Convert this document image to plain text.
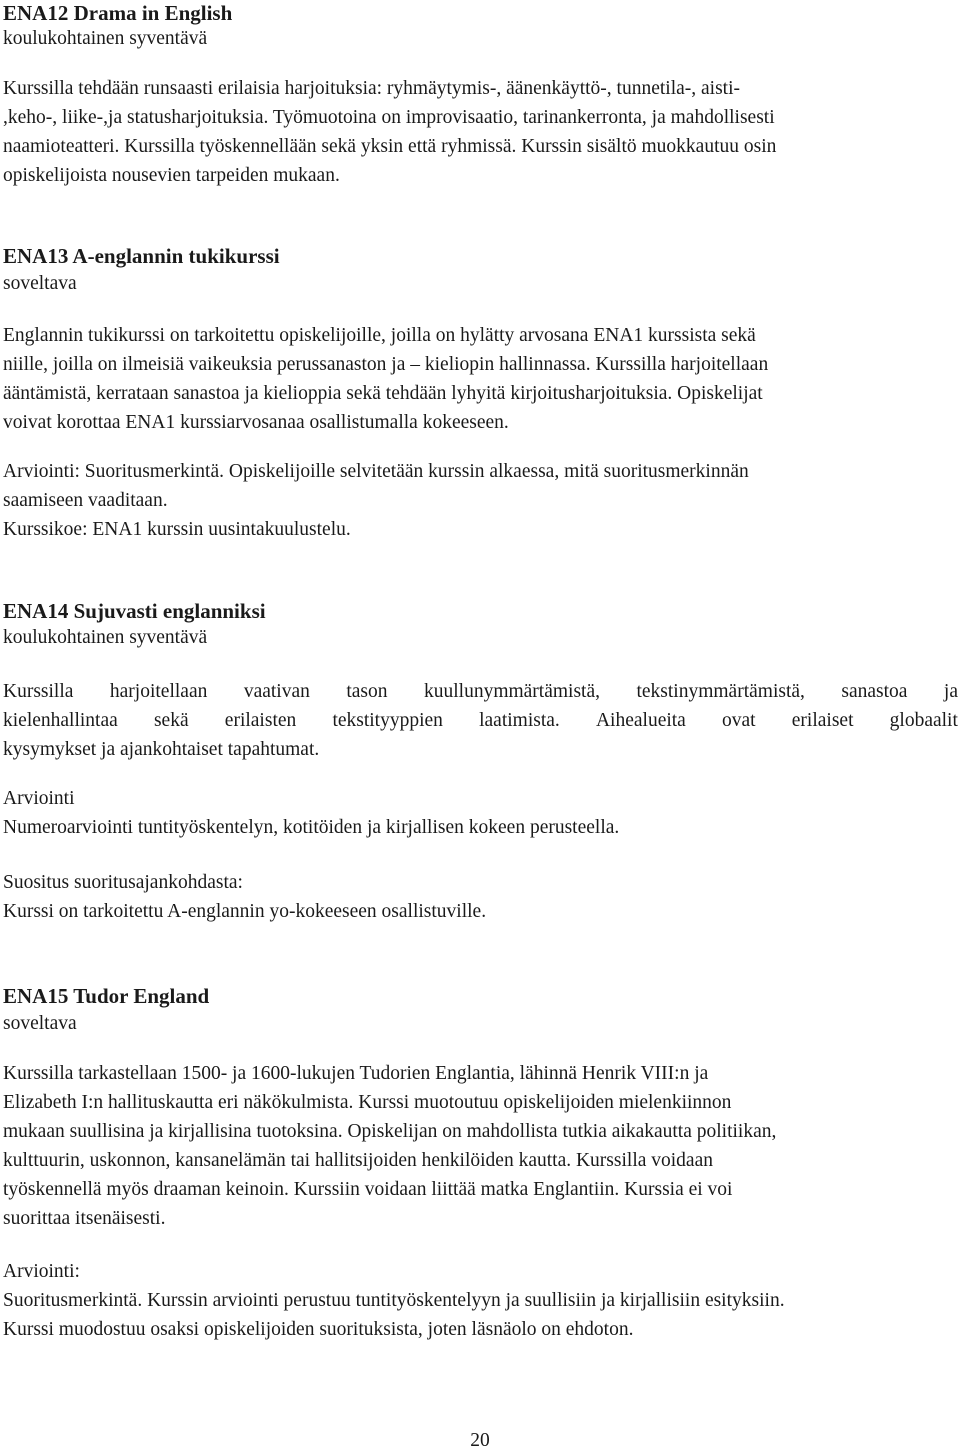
ENA12 Drama in English

koulukohtainen syventävä

Kurssilla tehdään runsaasti erilaisia harjoituksia: ryhmäytymis-, äänenkäyttö-, tunnetila-, aisti-

,keho-, liike-,ja statusharjoituksia. Työmuotoina on improvisaatio, tarinankerronta, ja mahdollisesti

naamioteatteri. Kurssilla työskennellään sekä yksin että ryhmissä. Kurssin sisältö muokkautuu osin

opiskelijoista nousevien tarpeiden mukaan.

ENA13 A-englannin tukikurssi

soveltava

Englannin tukikurssi on tarkoitettu opiskelijoille, joilla on hylätty arvosana ENA1 kurssista sekä

niille, joilla on ilmeisiä vaikeuksia perussanaston ja – kieliopin hallinnassa. Kurssilla harjoitellaan

ääntämistä, kerrataan sanastoa ja kielioppia sekä tehdään lyhyitä kirjoitusharjoituksia. Opiskelijat

voivat korottaa ENA1 kurssiarvosanaa osallistumalla kokeeseen.

Arviointi: Suoritusmerkintä. Opiskelijoille selvitetään kurssin alkaessa, mitä suoritusmerkinnän

saamiseen vaaditaan.

Kurssikoe: ENA1 kurssin uusintakuulustelu.

ENA14 Sujuvasti englanniksi

koulukohtainen syventävä

Kurssilla harjoitellaan vaativan tason kuullunymmärtämistä, tekstinymmärtämistä, sanastoa ja
kielenhallintaa sekä erilaisten tekstityyppien laatimista. Aihealueita ovat erilaiset globaalit

kysymykset ja ajankohtaiset tapahtumat.

Arviointi

Numeroarviointi tuntityöskentelyn, kotitöiden ja kirjallisen kokeen perusteella.

Suositus suoritusajankohdasta:

Kurssi on tarkoitettu A-englannin yo-kokeeseen osallistuville.

ENA15 Tudor England

soveltava

Kurssilla tarkastellaan 1500- ja 1600-lukujen Tudorien Englantia, lähinnä Henrik VIII:n ja

Elizabeth I:n hallituskautta eri näkökulmista. Kurssi muotoutuu opiskelijoiden mielenkiinnon

mukaan suullisina ja kirjallisina tuotoksina. Opiskelijan on mahdollista tutkia aikakautta politiikan,

kulttuurin, uskonnon, kansanelämän tai hallitsijoiden henkilöiden kautta. Kurssilla voidaan

työskennellä myös draaman keinoin. Kurssiin voidaan liittää matka Englantiin. Kurssia ei voi

suorittaa itsenäisesti.

Arviointi:

Suoritusmerkintä. Kurssin arviointi perustuu tuntityöskentelyyn ja suullisiin ja kirjallisiin esityksiin.

Kurssi muodostuu osaksi opiskelijoiden suorituksista, joten läsnäolo on ehdoton.

20
